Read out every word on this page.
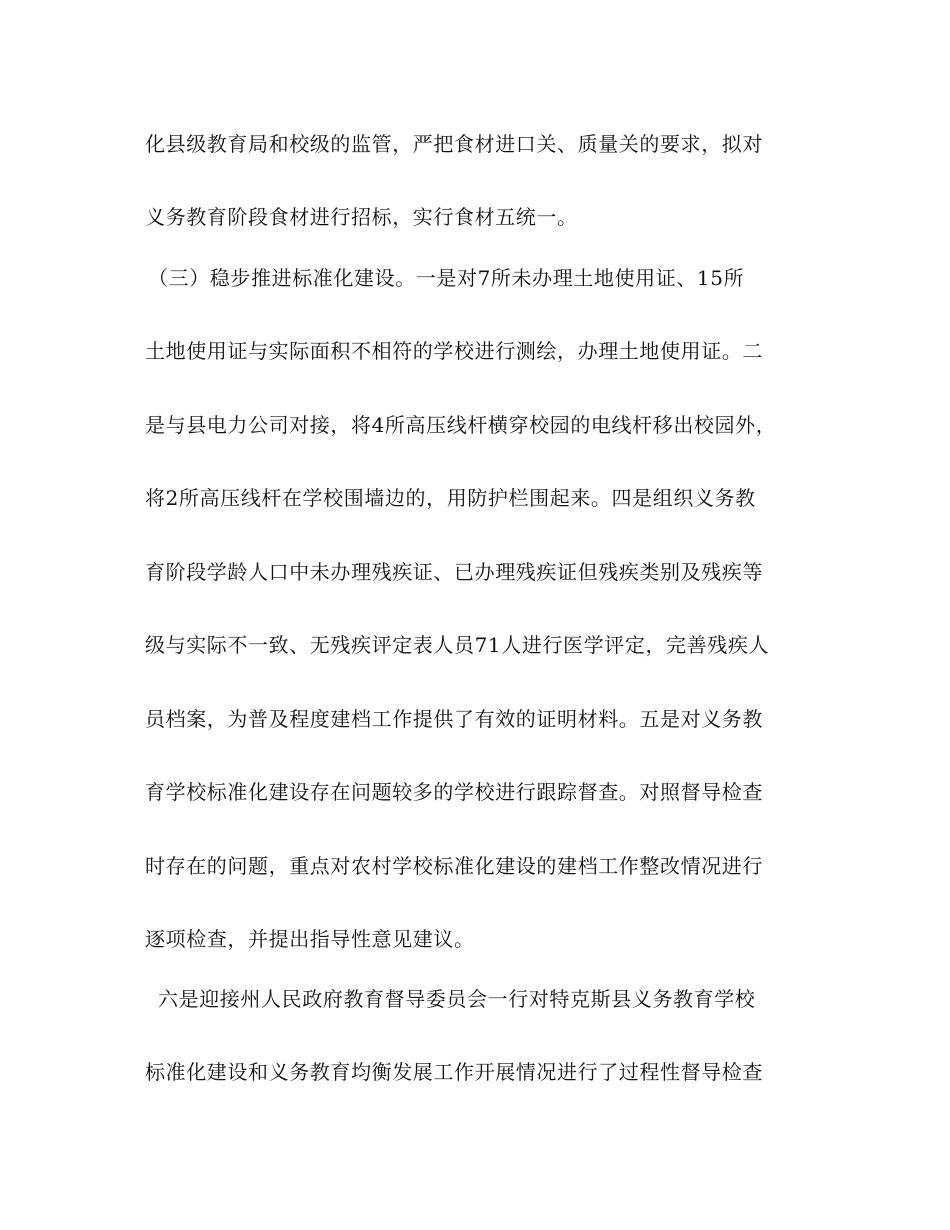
化县级教育局和校级的监管，严把食材进口关、质量关的要求，拟对
义务教育阶段食材进行招标，实行食材五统一。
（三）稳步推进标准化建设。一是对7所未办理土地使用证、15所
土地使用证与实际面积不相符的学校进行测绘，办理土地使用证。二
是与县电力公司对接，将4所高压线杆横穿校园的电线杆移出校园外，
将2所高压线杆在学校围墙边的，用防护栏围起来。四是组织义务教
育阶段学龄人口中未办理残疾证、已办理残疾证但残疾类别及残疾等
级与实际不一致、无残疾评定表人员71人进行医学评定，完善残疾人
员档案，为普及程度建档工作提供了有效的证明材料。五是对义务教
育学校标准化建设存在问题较多的学校进行跟踪督查。对照督导检查
时存在的问题，重点对农村学校标准化建设的建档工作整改情况进行
逐项检查，并提出指导性意见建议。
六是迎接州人民政府教育督导委员会一行对特克斯县义务教育学校
标准化建设和义务教育均衡发展工作开展情况进行了过程性督导检查
